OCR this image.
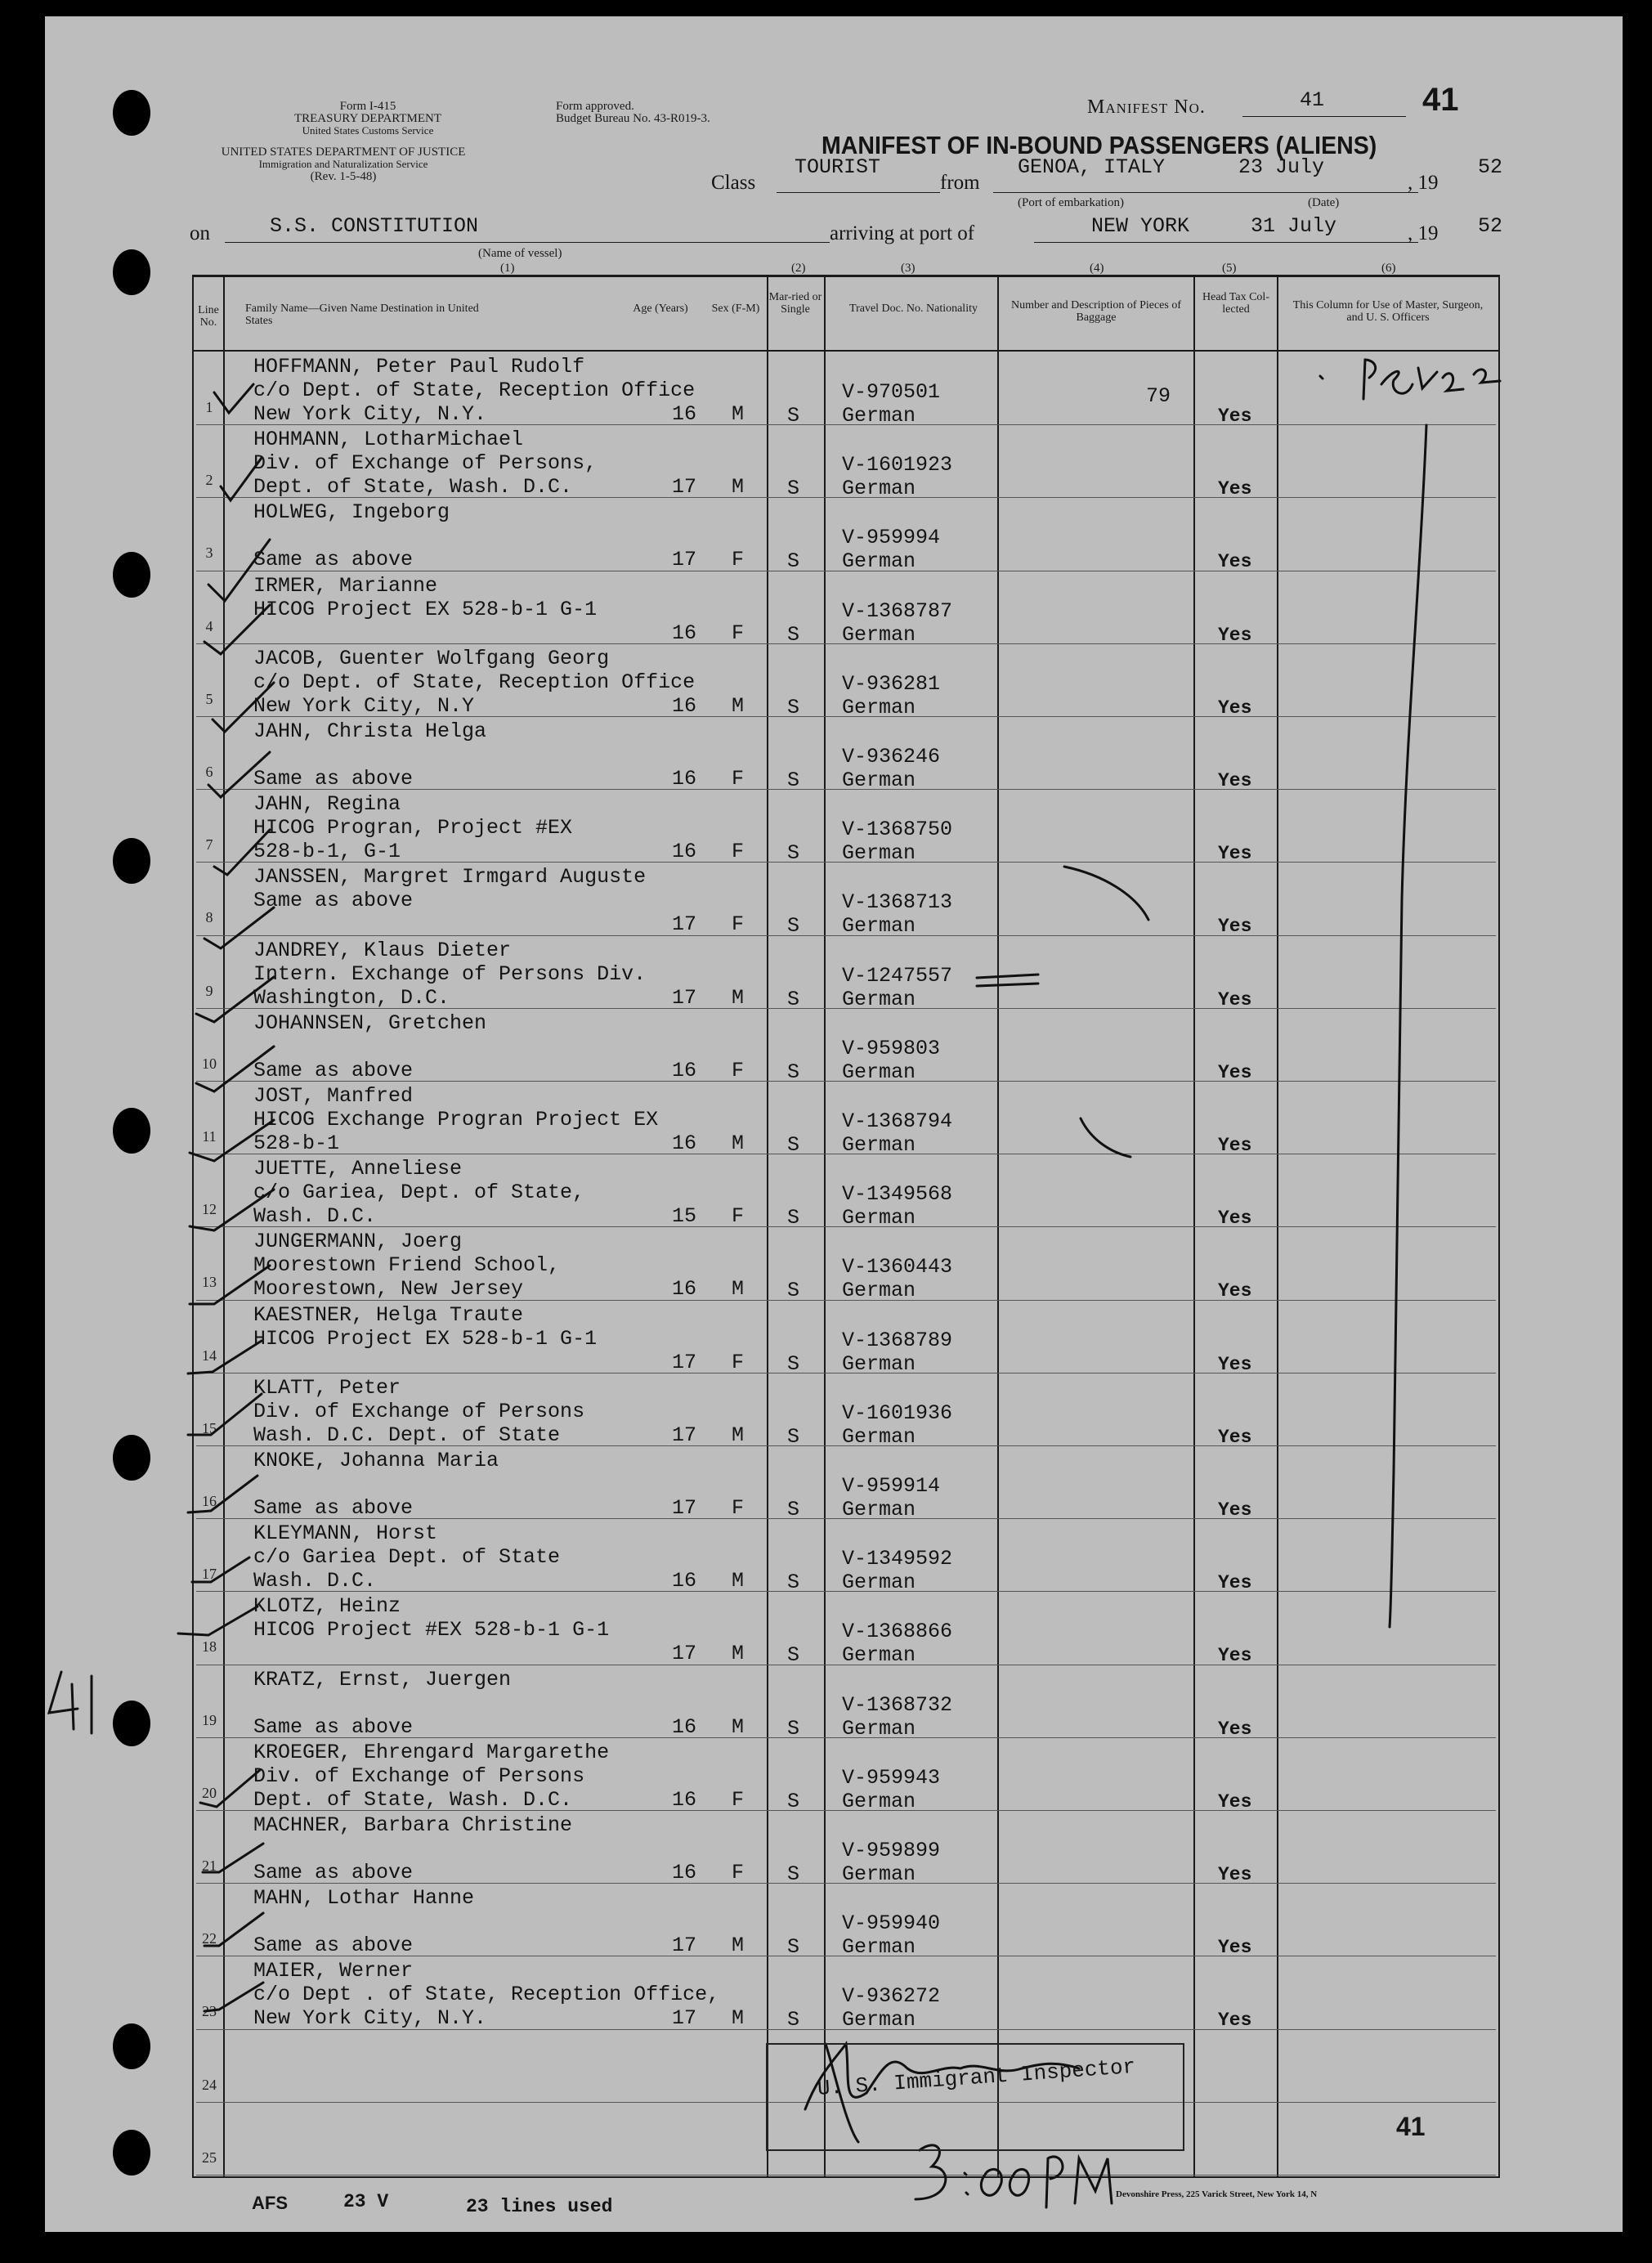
Form I-415
TREASURY DEPARTMENT
United States Customs Service
Form approved.
Budget Bureau No. 43-R019-3.
UNITED STATES DEPARTMENT OF JUSTICE
Immigration and Naturalization Service
(Rev. 1-5-48)
Manifest No.	41	41
MANIFEST OF IN-BOUND PASSENGERS (ALIENS)
Class
TOURIST
from
GENOA, ITALY	23 July
, 19
52
(Port of embarkation)	(Date)
on	S.S. CONSTITUTION	arriving at port of	NEW YORK	31 July	, 19 52
(Name of vessel)
(1)	(2)	(3)	(4)	(5)	(6)
Line No.
Family Name—Given Name Destination in United States
Age (Years)	Sex (F-M)
Mar-ried or Single	Travel Doc. No. Nationality	Number and Description of Pieces of Baggage
Head Tax Col-lected	This Column for Use of Master, Surgeon, and U. S. Officers
1
HOFFMANN, Peter Paul Rudolf
c/o Dept. of State, Reception Office
New York City, N.Y.	16 M S
V-970501
German
79
Yes
2
HOHMANN, LotharMichael
Div. of Exchange of Persons,
Dept. of State, Wash. D.C.	17 M S
V-1601923
German	Yes
3
HOLWEG, Ingeborg
Same as above	17 F S
V-959994
German	Yes
4
IRMER, Marianne
HICOG Project EX 528-b-1 G-1
16 F S
V-1368787
German	Yes
5
JACOB, Guenter Wolfgang Georg
c/o Dept. of State, Reception Office
New York City, N.Y	16 M S
V-936281
German	Yes
6
JAHN, Christa Helga
Same as above	16 F S
V-936246
German	Yes
7
JAHN, Regina
HICOG Progran, Project #EX
528-b-1, G-1	16 F S
V-1368750
German	Yes
8
JANSSEN, Margret Irmgard Auguste
Same as above
17 F S
V-1368713
German	Yes
9
JANDREY, Klaus Dieter
Intern. Exchange of Persons Div.
Washington, D.C.	17 M S
V-1247557
German	Yes
10
JOHANNSEN, Gretchen
Same as above	16 F S
V-959803
German	Yes
11
JOST, Manfred
HICOG Exchange Progran Project EX
528-b-1	16 M S
V-1368794
German	Yes
12
JUETTE, Anneliese
c/o Gariea, Dept. of State,
Wash. D.C.	15 F S
V-1349568
German	Yes
13
JUNGERMANN, Joerg
Moorestown Friend School,
Moorestown, New Jersey	16 M S
V-1360443
German	Yes
14
KAESTNER, Helga Traute
HICOG Project EX 528-b-1 G-1
17 F S
V-1368789
German	Yes
15
KLATT, Peter
Div. of Exchange of Persons
Wash. D.C. Dept. of State	17 M S
V-1601936
German	Yes
16
KNOKE, Johanna Maria
Same as above	17 F S
V-959914
German	Yes
17
KLEYMANN, Horst
c/o Gariea Dept. of State
Wash. D.C.	16 M S
V-1349592
German	Yes
18
KLOTZ, Heinz
HICOG Project #EX 528-b-1 G-1
17 M S
V-1368866
German	Yes
19
KRATZ, Ernst, Juergen
Same as above	16 M S
V-1368732
German	Yes
20
KROEGER, Ehrengard Margarethe
Div. of Exchange of Persons
Dept. of State, Wash. D.C.	16 F S
V-959943
German	Yes
21
MACHNER, Barbara Christine
Same as above	16 F S
V-959899
German	Yes
22
MAHN, Lothar Hanne
Same as above	17 M S
V-959940
German	Yes
23
MAIER, Werner
c/o Dept . of State, Reception Office,
New York City, N.Y.	17 M S
V-936272
German	Yes
24
25
U. S. Immigrant Inspector
41
AFS	23 V	23 lines used
Devonshire Press, 225 Varick Street, New York 14, N
